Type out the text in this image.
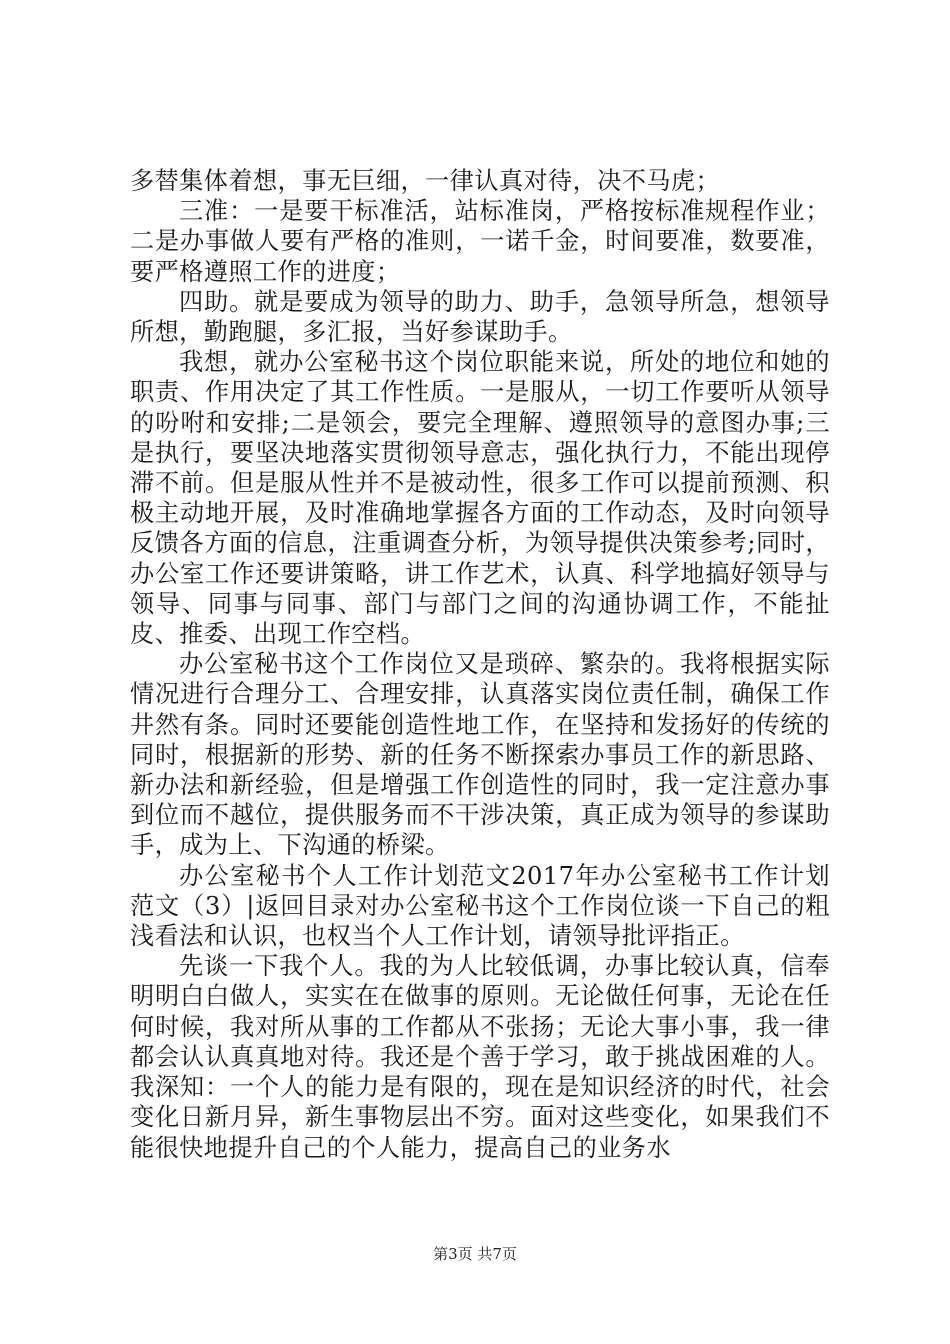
多替集体着想，事无巨细，一律认真对待，决不马虎；

三准：一是要干标准活，站标准岗，严格按标准规程作业；二是办事做人要有严格的准则，一诺千金，时间要准，数要准，要严格遵照工作的进度；

四助。就是要成为领导的助力、助手，急领导所急，想领导所想，勤跑腿，多汇报，当好参谋助手。

我想，就办公室秘书这个岗位职能来说，所处的地位和她的职责、作用决定了其工作性质。一是服从，一切工作要听从领导的吩咐和安排;二是领会，要完全理解、遵照领导的意图办事;三是执行，要坚决地落实贯彻领导意志，强化执行力，不能出现停滞不前。但是服从性并不是被动性，很多工作可以提前预测、积极主动地开展，及时准确地掌握各方面的工作动态，及时向领导反馈各方面的信息，注重调查分析，为领导提供决策参考;同时，办公室工作还要讲策略，讲工作艺术，认真、科学地搞好领导与领导、同事与同事、部门与部门之间的沟通协调工作，不能扯皮、推委、出现工作空档。

办公室秘书这个工作岗位又是琐碎、繁杂的。我将根据实际情况进行合理分工、合理安排，认真落实岗位责任制，确保工作井然有条。同时还要能创造性地工作，在坚持和发扬好的传统的同时，根据新的形势、新的任务不断探索办事员工作的新思路、新办法和新经验，但是增强工作创造性的同时，我一定注意办事到位而不越位，提供服务而不干涉决策，真正成为领导的参谋助手，成为上、下沟通的桥梁。

办公室秘书个人工作计划范文2017年办公室秘书工作计划范文（3）|返回目录对办公室秘书这个工作岗位谈一下自己的粗浅看法和认识，也权当个人工作计划，请领导批评指正。

先谈一下我个人。我的为人比较低调，办事比较认真，信奉明明白白做人，实实在在做事的原则。无论做任何事，无论在任何时候，我对所从事的工作都从不张扬；无论大事小事，我一律都会认认真真地对待。我还是个善于学习，敢于挑战困难的人。我深知：一个人的能力是有限的，现在是知识经济的时代，社会变化日新月异，新生事物层出不穷。面对这些变化，如果我们不能很快地提升自己的个人能力，提高自己的业务水

第3页 共7页
